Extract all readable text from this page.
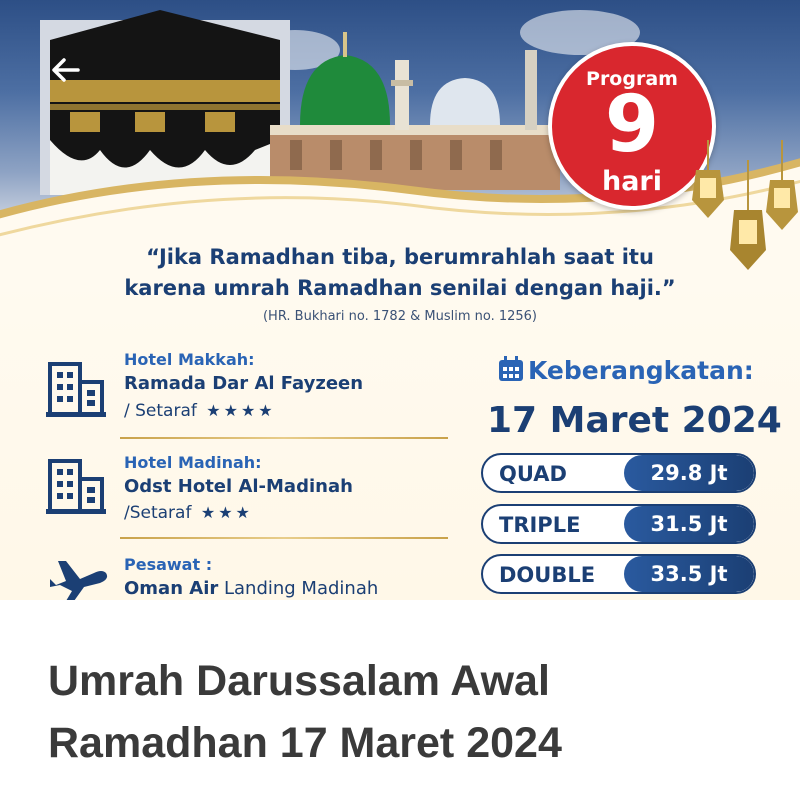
Program
9
hari
“Jika Ramadhan tiba, berumrahlah saat itu
karena umrah Ramadhan senilai dengan haji.”
(HR. Bukhari no. 1782 & Muslim no. 1256)
Hotel Makkah:
Ramada Dar Al Fayzeen
/ Setaraf ★★★★
Hotel Madinah:
Odst Hotel Al-Madinah
/Setaraf ★★★
Pesawat :
Oman Air Landing Madinah
Keberangkatan:
17 Maret 2024
QUAD	29.8 Jt
TRIPLE	31.5 Jt
DOUBLE	33.5 Jt
Umrah Darussalam Awal
Ramadhan 17 Maret 2024
